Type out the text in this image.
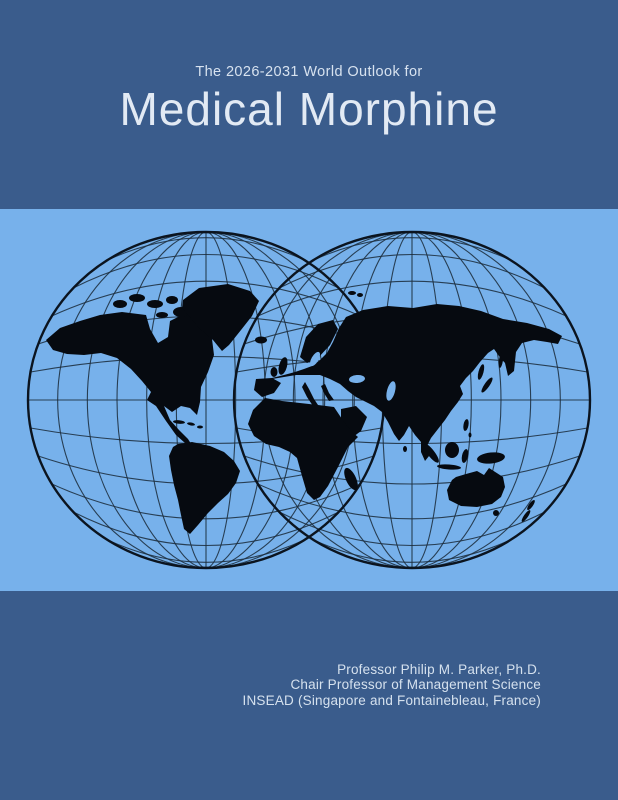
The 2026-2031 World Outlook for
Medical Morphine
Professor Philip M. Parker, Ph.D.
Chair Professor of Management Science
INSEAD (Singapore and Fontainebleau, France)
